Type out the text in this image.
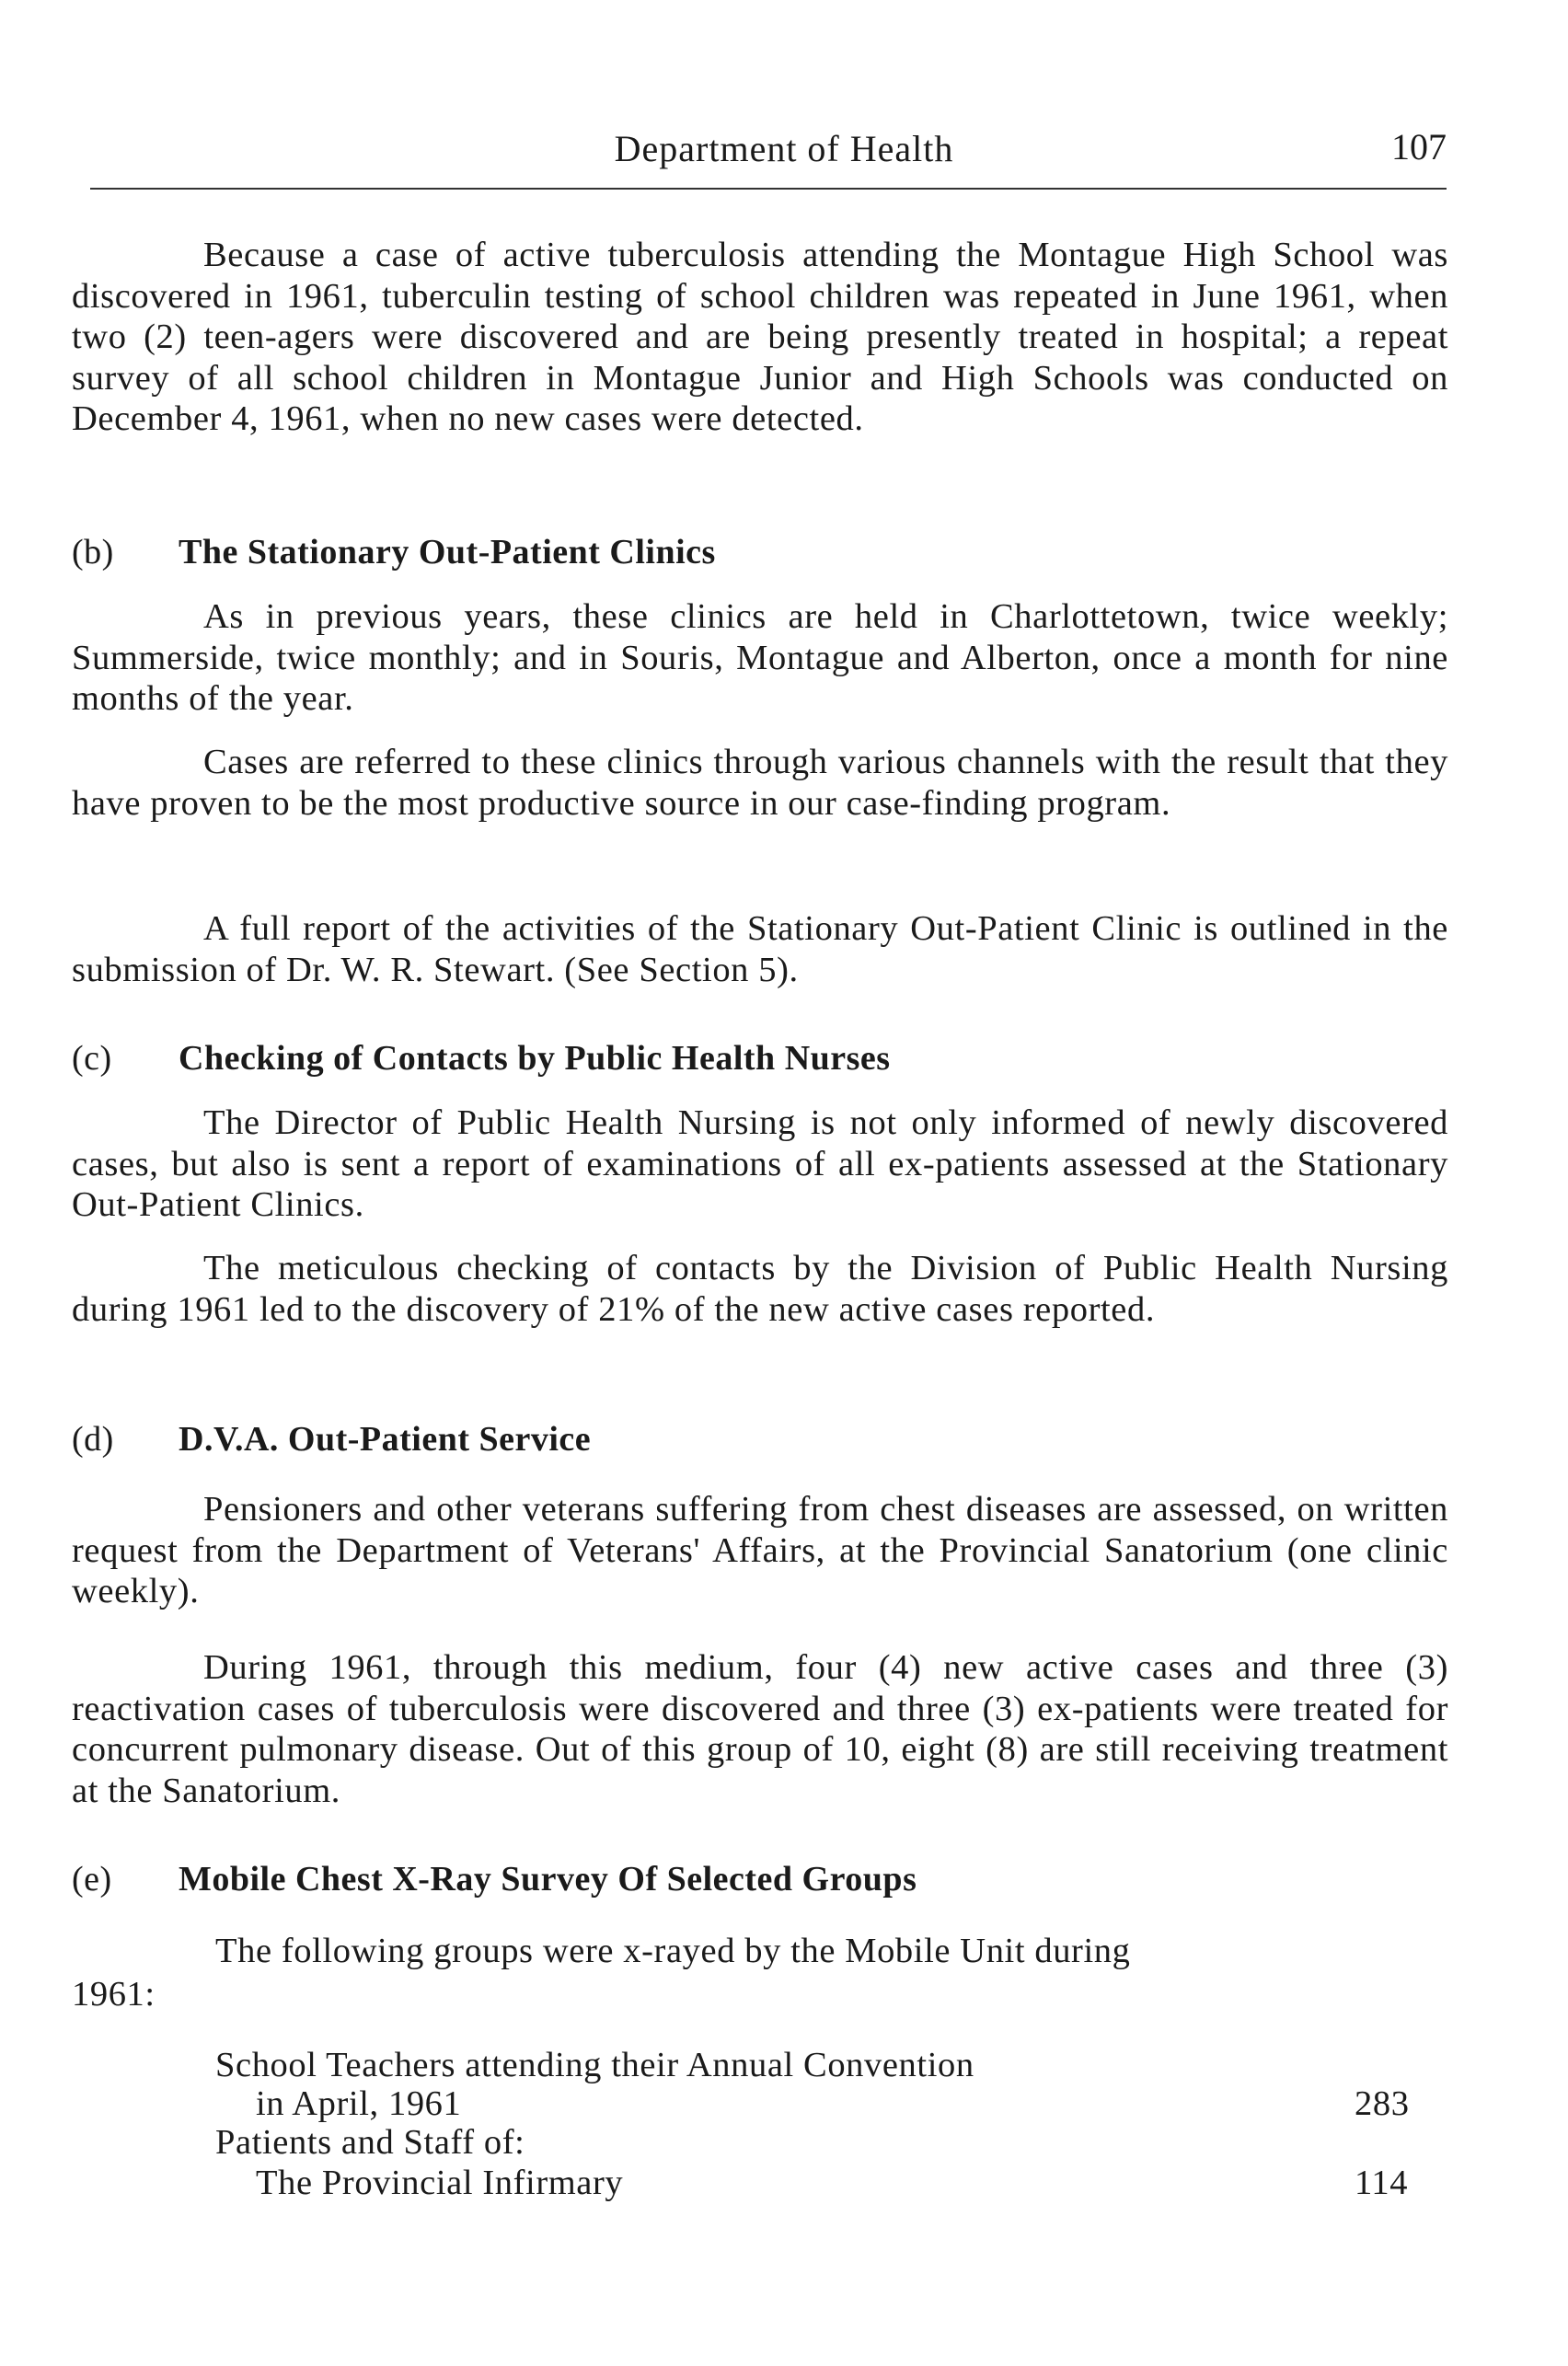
Department of Health	107

Because a case of active tuberculosis attending the Montague High School was discovered in 1961, tuberculin testing of school children was repeated in June 1961, when two (2) teen-agers were discovered and are being presently treated in hospital; a repeat survey of all school children in Montague Junior and High Schools was conducted on December 4, 1961, when no new cases were detected.

(b) The Stationary Out-Patient Clinics

As in previous years, these clinics are held in Charlottetown, twice weekly; Summerside, twice monthly; and in Souris, Montague and Alberton, once a month for nine months of the year.

Cases are referred to these clinics through various channels with the result that they have proven to be the most productive source in our case-finding program.

A full report of the activities of the Stationary Out-Patient Clinic is outlined in the submission of Dr. W. R. Stewart. (See Section 5).

(c) Checking of Contacts by Public Health Nurses

The Director of Public Health Nursing is not only informed of newly discovered cases, but also is sent a report of examinations of all ex-patients assessed at the Stationary Out-Patient Clinics.

The meticulous checking of contacts by the Division of Public Health Nursing during 1961 led to the discovery of 21% of the new active cases reported.

(d) D.V.A. Out-Patient Service

Pensioners and other veterans suffering from chest diseases are assessed, on written request from the Department of Veterans' Affairs, at the Provincial Sanatorium (one clinic weekly).

During 1961, through this medium, four (4) new active cases and three (3) reactivation cases of tuberculosis were discovered and three (3) ex-patients were treated for concurrent pulmonary disease. Out of this group of 10, eight (8) are still receiving treatment at the Sanatorium.

(e) Mobile Chest X-Ray Survey Of Selected Groups
The following groups were x-rayed by the Mobile Unit during
1961:
School Teachers attending their Annual Convention
in April, 1961	283
Patients and Staff of:
The Provincial Infirmary	114
